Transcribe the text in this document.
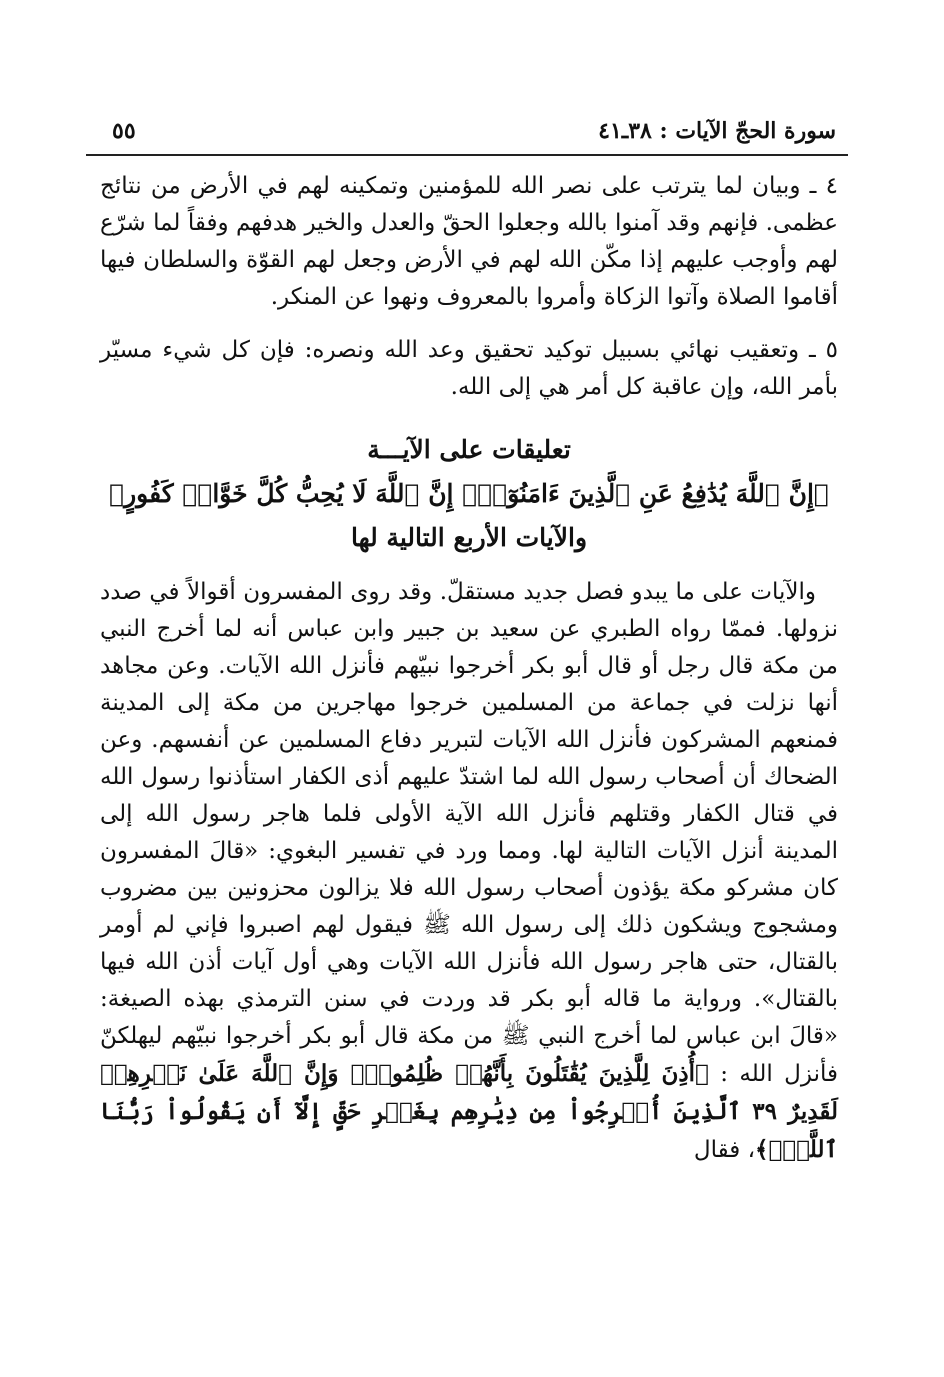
سورة الحجّ الآيات : ٣٨ـ٤١
٥٥

٤ ـ وبيان لما يترتب على نصر الله للمؤمنين وتمكينه لهم في الأرض من نتائج عظمى. فإنهم وقد آمنوا بالله وجعلوا الحقّ والعدل والخير هدفهم وفقاً لما شرّع لهم وأوجب عليهم إذا مكّن الله لهم في الأرض وجعل لهم القوّة والسلطان فيها أقاموا الصلاة وآتوا الزكاة وأمروا بالمعروف ونهوا عن المنكر.

٥ ـ وتعقيب نهائي بسبيل توكيد تحقيق وعد الله ونصره: فإن كل شيء مسيّر بأمر الله، وإن عاقبة كل أمر هي إلى الله.

تعليقات على الآيـــة

﴿إِنَّ ٱللَّهَ يُدَٰفِعُ عَنِ ٱلَّذِينَ ءَامَنُوٓاْۗ إِنَّ ٱللَّهَ لَا يُحِبُّ كُلَّ خَوَّانٖ كَفُورٍ﴾

والآيات الأربع التالية لها

والآيات على ما يبدو فصل جديد مستقلّ. وقد روى المفسرون أقوالاً في صدد نزولها. فممّا رواه الطبري عن سعيد بن جبير وابن عباس أنه لما أخرج النبي من مكة قال رجل أو قال أبو بكر أخرجوا نبيّهم فأنزل الله الآيات. وعن مجاهد أنها نزلت في جماعة من المسلمين خرجوا مهاجرين من مكة إلى المدينة فمنعهم المشركون فأنزل الله الآيات لتبرير دفاع المسلمين عن أنفسهم. وعن الضحاك أن أصحاب رسول الله لما اشتدّ عليهم أذى الكفار استأذنوا رسول الله في قتال الكفار وقتلهم فأنزل الله الآية الأولى فلما هاجر رسول الله إلى المدينة أنزل الآيات التالية لها. ومما ورد في تفسير البغوي: «قالَ المفسرون كان مشركو مكة يؤذون أصحاب رسول الله فلا يزالون محزونين بين مضروب ومشجوج ويشكون ذلك إلى رسول الله ﷺ فيقول لهم اصبروا فإني لم أومر بالقتال، حتى هاجر رسول الله فأنزل الله الآيات وهي أول آيات أذن الله فيها بالقتال». ورواية ما قاله أبو بكر قد وردت في سنن الترمذي بهذه الصيغة: «قالَ ابن عباس لما أخرج النبي ﷺ من مكة قال أبو بكر أخرجوا نبيّهم ليهلكنّ فأنزل الله : ﴿أُذِنَ لِلَّذِينَ يُقَٰتَلُونَ بِأَنَّهُمۡ ظُلِمُواْۚ وَإِنَّ ٱللَّهَ عَلَىٰ نَصۡرِهِمۡ لَقَدِيرٌ ٣٩ ٱلَّذِينَ أُخۡرِجُواْ مِن دِيَٰرِهِم بِغَيۡرِ حَقٍّ إِلَّآ أَن يَقُولُواْ رَبُّنَا ٱللَّهُۗ﴾، فقال
